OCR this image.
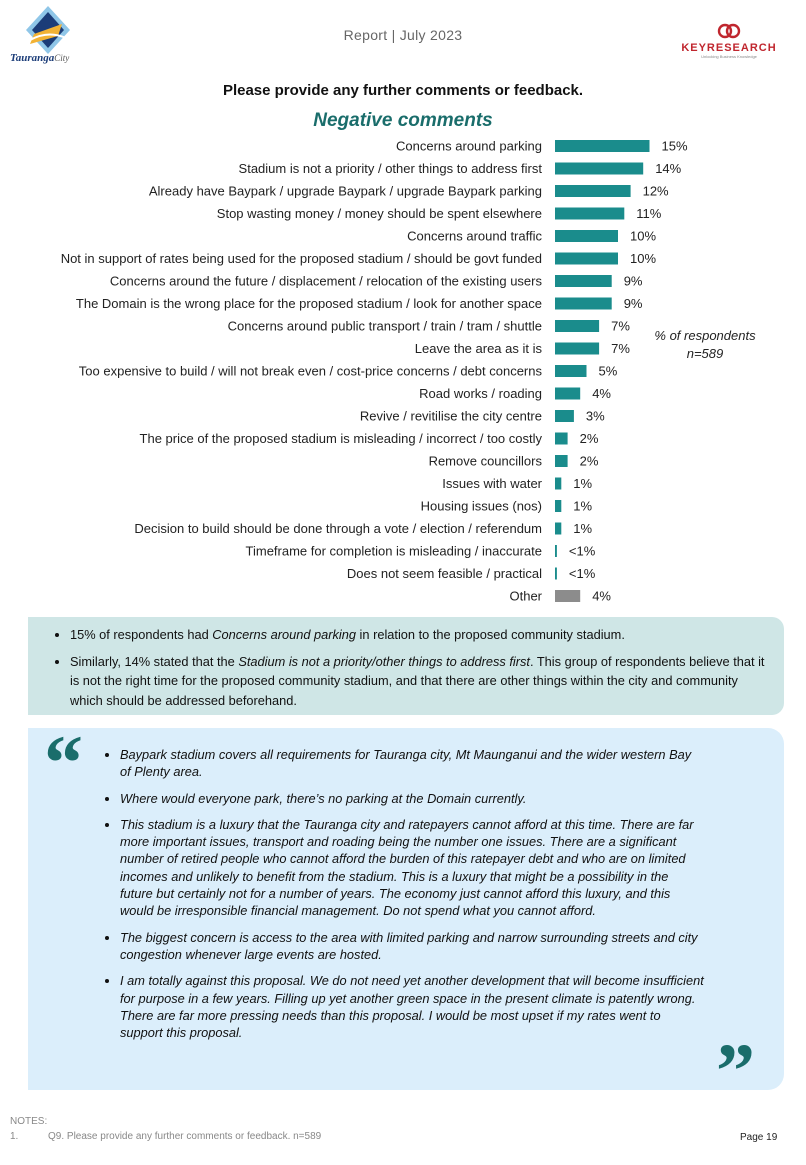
TaurangaCity
Report | July 2023
KEYRESEARCH
Unlocking Business Knowledge
Please provide any further comments or feedback.
Negative comments
Concerns around parking	15%
Stadium is not a priority / other things to address first	14%
Already have Baypark / upgrade Baypark / upgrade Baypark parking	12%
Stop wasting money / money should be spent elsewhere	11%
Concerns around traffic	10%
Not in support of rates being used for the proposed stadium / should be govt funded	10%
Concerns around the future / displacement / relocation of the existing users	9%
The Domain is the wrong place for the proposed stadium / look for another space	9%
Concerns around public transport / train / tram / shuttle	7%
Leave the area as it is	7%
Too expensive to build / will not break even / cost-price concerns / debt concerns	5%
Road works / roading	4%
Revive / revitilise the city centre	3%
The price of the proposed stadium is misleading / incorrect / too costly	2%
Remove councillors	2%
Issues with water 1%
Housing issues (nos) 1%
Decision to build should be done through a vote / election / referendum 1%
Timeframe for completion is misleading / inaccurate <1%
Does not seem feasible / practical <1%
Other	4%
% of respondents
n=589
• 15% of respondents had Concerns around parking in relation to the proposed community stadium.
• Similarly, 14% stated that the Stadium is not a priority/other things to address first. This group of respondents believe that it is not the right time for the proposed community stadium, and that there are other things within the city and community which should be addressed beforehand.
• Baypark stadium covers all requirements for Tauranga city, Mt Maunganui and the wider western Bay of Plenty area.
• Where would everyone park, there’s no parking at the Domain currently.
• This stadium is a luxury that the Tauranga city and ratepayers cannot afford at this time. There are far more important issues, transport and roading being the number one issues. There are a significant number of retired people who cannot afford the burden of this ratepayer debt and who are on limited incomes and unlikely to benefit from the stadium. This is a luxury that might be a possibility in the future but certainly not for a number of years. The economy just cannot afford this luxury, and this would be irresponsible financial management. Do not spend what you cannot afford.
• The biggest concern is access to the area with limited parking and narrow surrounding streets and city congestion whenever large events are hosted.
• I am totally against this proposal. We do not need yet another development that will become insufficient for purpose in a few years. Filling up yet another green space in the present climate is patently wrong. There are far more pressing needs than this proposal. I would be most upset if my rates went to support this proposal.
“
”
NOTES:
1.	Q9. Please provide any further comments or feedback. n=589	Page 19
